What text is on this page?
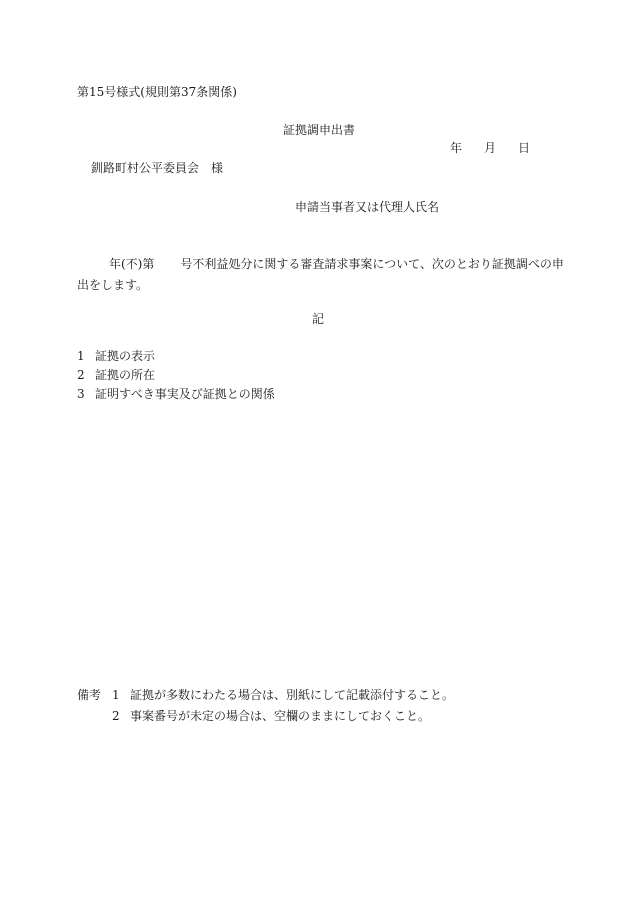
第15号様式(規則第37条関係)
証拠調申出書
年 月 日
釧路町村公平委員会　様
申請当事者又は代理人氏名
年(不)第 号不利益処分に関する審査請求事案について、次のとおり証拠調べの申出をします。
記
1 証拠の表示
2 証拠の所在
3 証明すべき事実及び証拠との関係
備考 1 証拠が多数にわたる場合は、別紙にして記載添付すること。
2 事案番号が未定の場合は、空欄のままにしておくこと。
